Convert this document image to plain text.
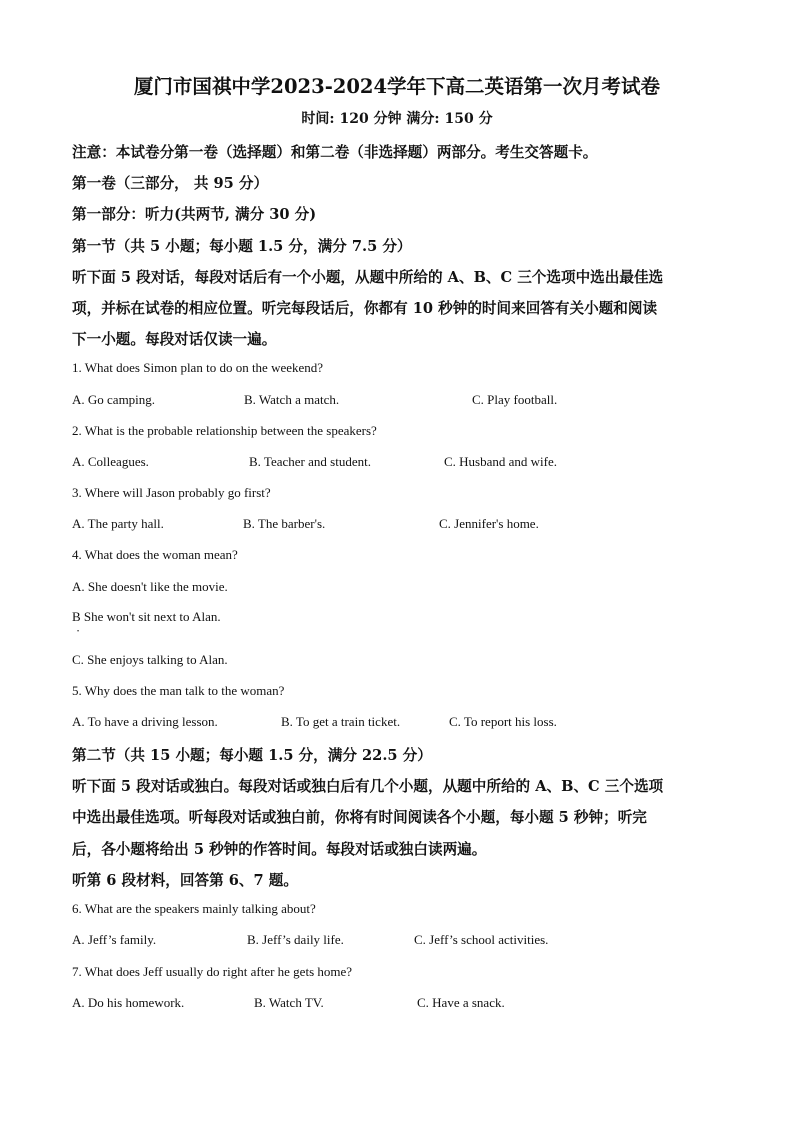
厦门市国祺中学2023-2024学年下高二英语第一次月考试卷
时间: 120 分钟 满分: 150 分
注意：本试卷分第一卷（选择题）和第二卷（非选择题）两部分。考生交答题卡。
第一卷（三部分， 共 95 分）
第一部分：听力(共两节, 满分 30 分)
第一节（共 5 小题；每小题 1.5 分，满分 7.5 分）
听下面 5 段对话，每段对话后有一个小题，从题中所给的 A、B、C 三个选项中选出最佳选
项，并标在试卷的相应位置。听完每段话后，你都有 10 秒钟的时间来回答有关小题和阅读
下一小题。每段对话仅读一遍。
1. What does Simon plan to do on the weekend?
A. Go camping.	B. Watch a match.	C. Play football.
2. What is the probable relationship between the speakers?
A. Colleagues.	B. Teacher and student.	C. Husband and wife.
3. Where will Jason probably go first?
A. The party hall.	B. The barber's.	C. Jennifer's home.
4. What does the woman mean?
A. She doesn't like the movie.
B She won't sit next to Alan.
•
C. She enjoys talking to Alan.
5. Why does the man talk to the woman?
A. To have a driving lesson.	B. To get a train ticket.	C. To report his loss.
第二节（共 15 小题；每小题 1.5 分，满分 22.5 分）
听下面 5 段对话或独白。每段对话或独白后有几个小题，从题中所给的 A、B、C 三个选项
中选出最佳选项。听每段对话或独白前，你将有时间阅读各个小题，每小题 5 秒钟；听完
后，各小题将给出 5 秒钟的作答时间。每段对话或独白读两遍。
听第 6 段材料，回答第 6、7 题。
6. What are the speakers mainly talking about?
A. Jeff’s family.	B. Jeff’s daily life.	C. Jeff’s school activities.
7. What does Jeff usually do right after he gets home?
A. Do his homework.	B. Watch TV.	C. Have a snack.
